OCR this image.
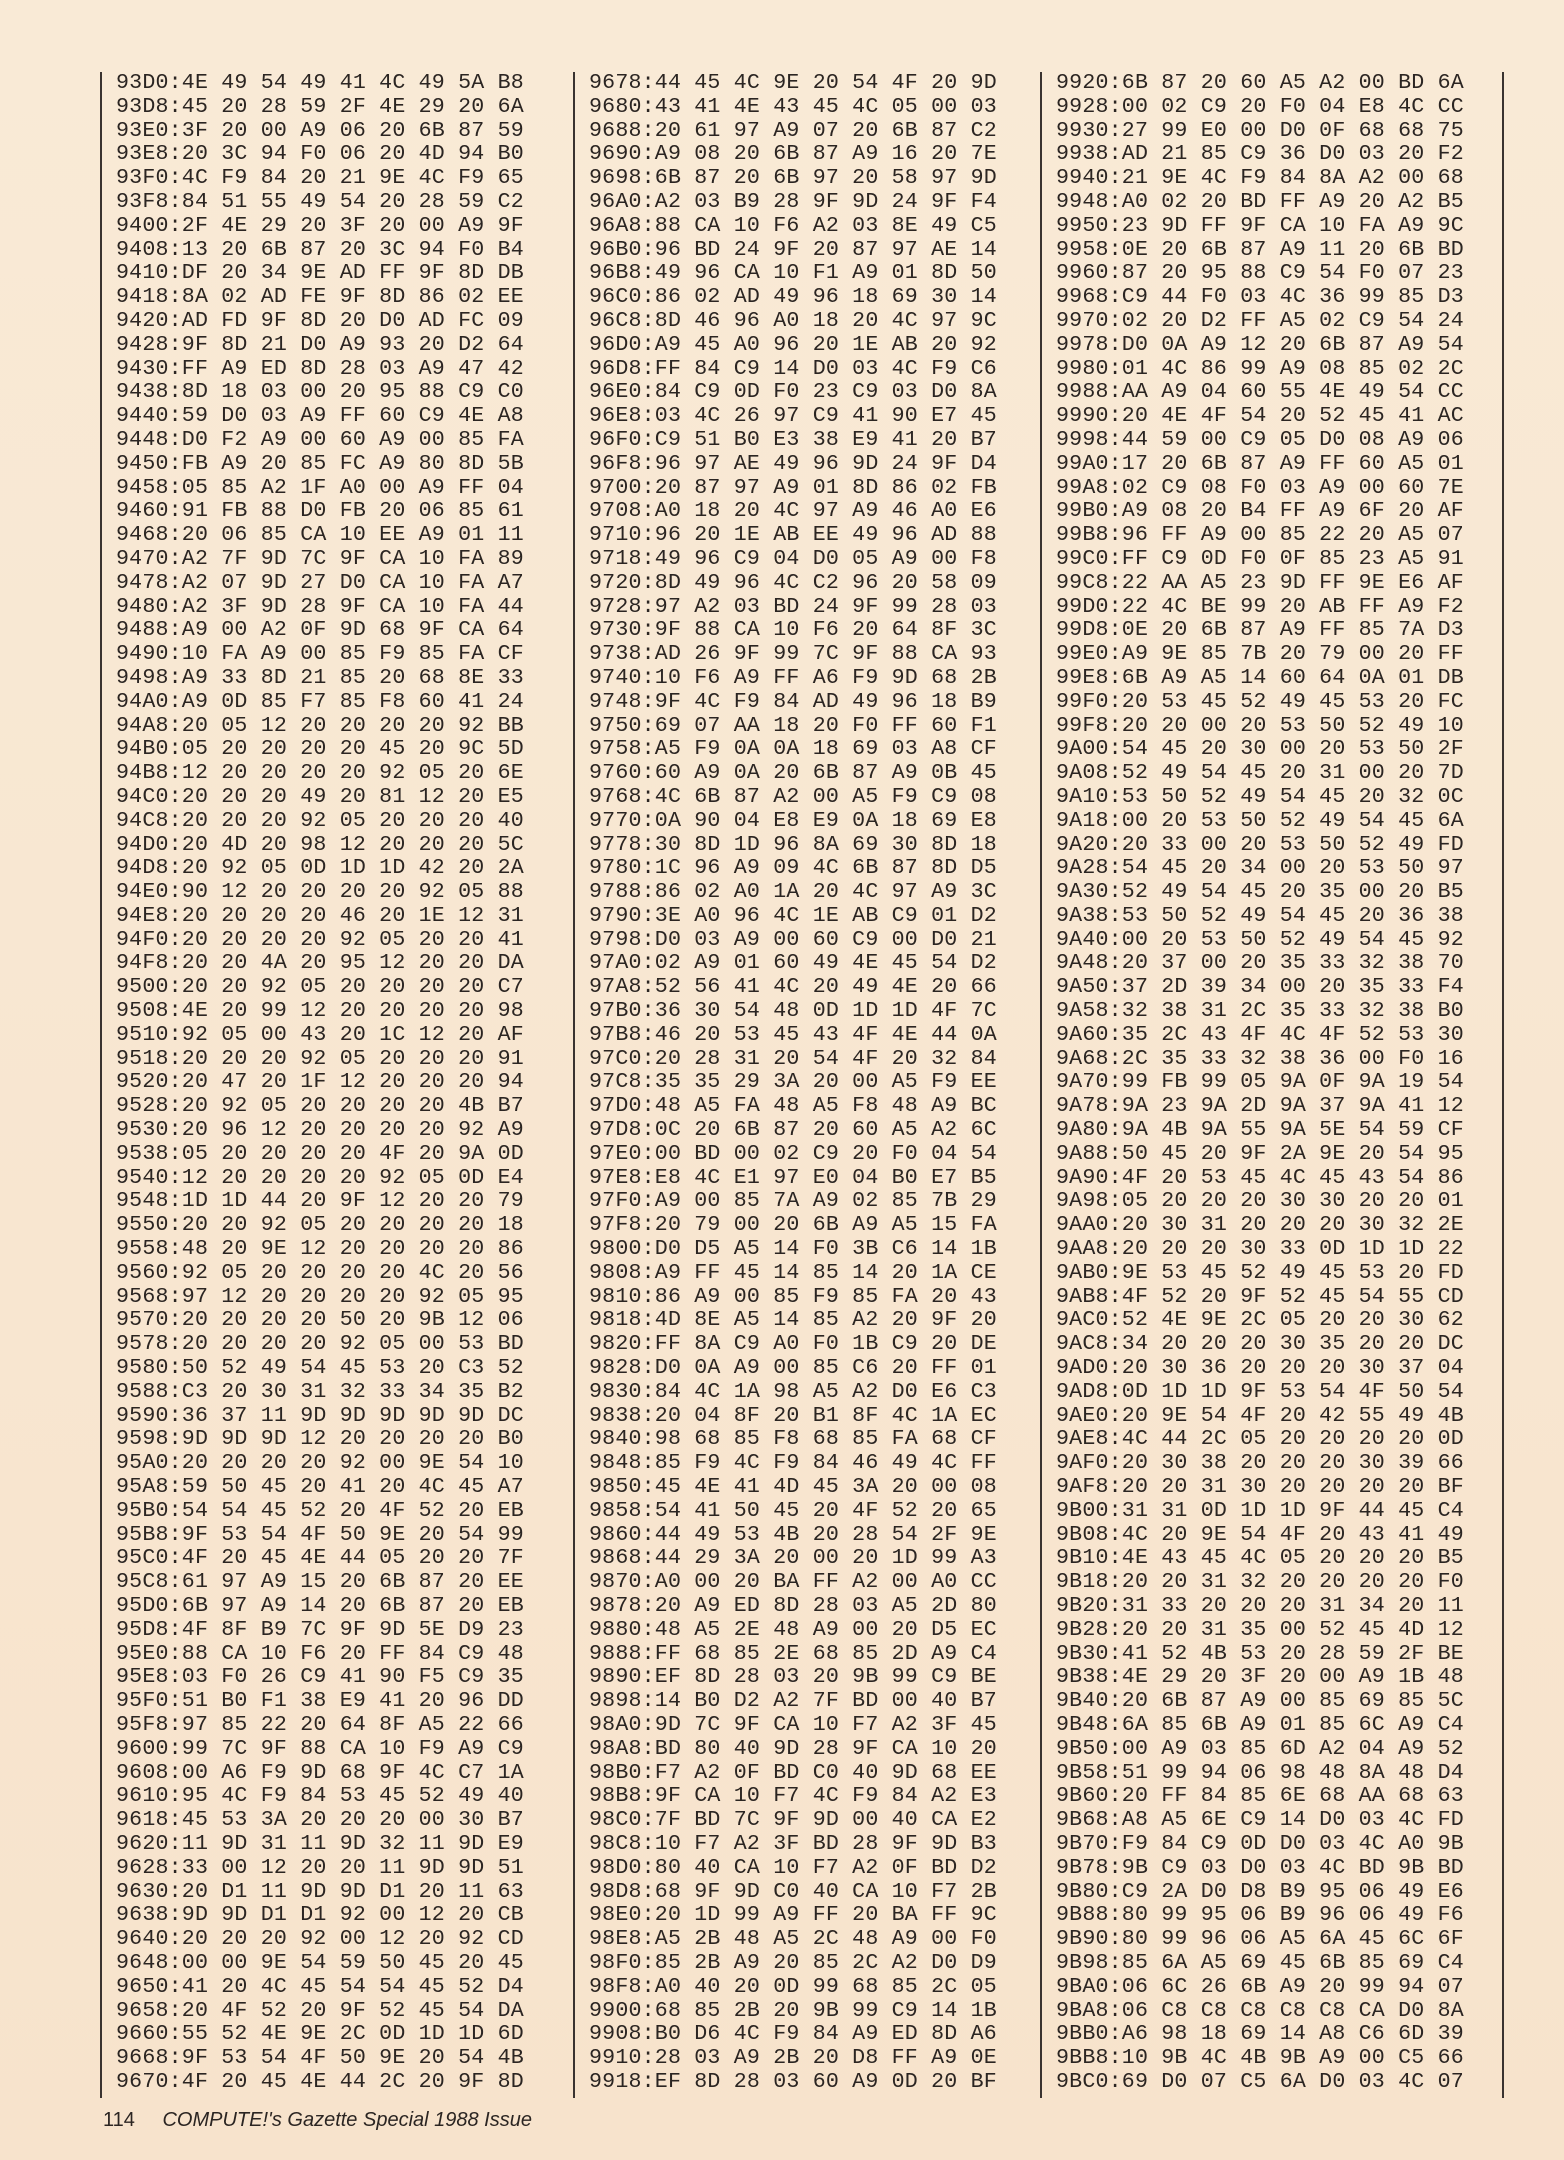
93D0:4E 49 54 49 41 4C 49 5A B8
93D8:45 20 28 59 2F 4E 29 20 6A
93E0:3F 20 00 A9 06 20 6B 87 59
93E8:20 3C 94 F0 06 20 4D 94 B0
93F0:4C F9 84 20 21 9E 4C F9 65
93F8:84 51 55 49 54 20 28 59 C2
9400:2F 4E 29 20 3F 20 00 A9 9F
9408:13 20 6B 87 20 3C 94 F0 B4
9410:DF 20 34 9E AD FF 9F 8D DB
9418:8A 02 AD FE 9F 8D 86 02 EE
9420:AD FD 9F 8D 20 D0 AD FC 09
9428:9F 8D 21 D0 A9 93 20 D2 64
9430:FF A9 ED 8D 28 03 A9 47 42
9438:8D 18 03 00 20 95 88 C9 C0
9440:59 D0 03 A9 FF 60 C9 4E A8
9448:D0 F2 A9 00 60 A9 00 85 FA
9450:FB A9 20 85 FC A9 80 8D 5B
9458:05 85 A2 1F A0 00 A9 FF 04
9460:91 FB 88 D0 FB 20 06 85 61
9468:20 06 85 CA 10 EE A9 01 11
9470:A2 7F 9D 7C 9F CA 10 FA 89
9478:A2 07 9D 27 D0 CA 10 FA A7
9480:A2 3F 9D 28 9F CA 10 FA 44
9488:A9 00 A2 0F 9D 68 9F CA 64
9490:10 FA A9 00 85 F9 85 FA CF
9498:A9 33 8D 21 85 20 68 8E 33
94A0:A9 0D 85 F7 85 F8 60 41 24
94A8:20 05 12 20 20 20 20 92 BB
94B0:05 20 20 20 20 45 20 9C 5D
94B8:12 20 20 20 20 92 05 20 6E
94C0:20 20 20 49 20 81 12 20 E5
94C8:20 20 20 92 05 20 20 20 40
94D0:20 4D 20 98 12 20 20 20 5C
94D8:20 92 05 0D 1D 1D 42 20 2A
94E0:90 12 20 20 20 20 92 05 88
94E8:20 20 20 20 46 20 1E 12 31
94F0:20 20 20 20 92 05 20 20 41
94F8:20 20 4A 20 95 12 20 20 DA
9500:20 20 92 05 20 20 20 20 C7
9508:4E 20 99 12 20 20 20 20 98
9510:92 05 00 43 20 1C 12 20 AF
9518:20 20 20 92 05 20 20 20 91
9520:20 47 20 1F 12 20 20 20 94
9528:20 92 05 20 20 20 20 4B B7
9530:20 96 12 20 20 20 20 92 A9
9538:05 20 20 20 20 4F 20 9A 0D
9540:12 20 20 20 20 92 05 0D E4
9548:1D 1D 44 20 9F 12 20 20 79
9550:20 20 92 05 20 20 20 20 18
9558:48 20 9E 12 20 20 20 20 86
9560:92 05 20 20 20 20 4C 20 56
9568:97 12 20 20 20 20 92 05 95
9570:20 20 20 20 50 20 9B 12 06
9578:20 20 20 20 92 05 00 53 BD
9580:50 52 49 54 45 53 20 C3 52
9588:C3 20 30 31 32 33 34 35 B2
9590:36 37 11 9D 9D 9D 9D 9D DC
9598:9D 9D 9D 12 20 20 20 20 B0
95A0:20 20 20 20 92 00 9E 54 10
95A8:59 50 45 20 41 20 4C 45 A7
95B0:54 54 45 52 20 4F 52 20 EB
95B8:9F 53 54 4F 50 9E 20 54 99
95C0:4F 20 45 4E 44 05 20 20 7F
95C8:61 97 A9 15 20 6B 87 20 EE
95D0:6B 97 A9 14 20 6B 87 20 EB
95D8:4F 8F B9 7C 9F 9D 5E D9 23
95E0:88 CA 10 F6 20 FF 84 C9 48
95E8:03 F0 26 C9 41 90 F5 C9 35
95F0:51 B0 F1 38 E9 41 20 96 DD
95F8:97 85 22 20 64 8F A5 22 66
9600:99 7C 9F 88 CA 10 F9 A9 C9
9608:00 A6 F9 9D 68 9F 4C C7 1A
9610:95 4C F9 84 53 45 52 49 40
9618:45 53 3A 20 20 20 00 30 B7
9620:11 9D 31 11 9D 32 11 9D E9
9628:33 00 12 20 20 11 9D 9D 51
9630:20 D1 11 9D 9D D1 20 11 63
9638:9D 9D D1 D1 92 00 12 20 CB
9640:20 20 20 92 00 12 20 92 CD
9648:00 00 9E 54 59 50 45 20 45
9650:41 20 4C 45 54 54 45 52 D4
9658:20 4F 52 20 9F 52 45 54 DA
9660:55 52 4E 9E 2C 0D 1D 1D 6D
9668:9F 53 54 4F 50 9E 20 54 4B
9670:4F 20 45 4E 44 2C 20 9F 8D
9678:44 45 4C 9E 20 54 4F 20 9D
9680:43 41 4E 43 45 4C 05 00 03
9688:20 61 97 A9 07 20 6B 87 C2
9690:A9 08 20 6B 87 A9 16 20 7E
9698:6B 87 20 6B 97 20 58 97 9D
96A0:A2 03 B9 28 9F 9D 24 9F F4
96A8:88 CA 10 F6 A2 03 8E 49 C5
96B0:96 BD 24 9F 20 87 97 AE 14
96B8:49 96 CA 10 F1 A9 01 8D 50
96C0:86 02 AD 49 96 18 69 30 14
96C8:8D 46 96 A0 18 20 4C 97 9C
96D0:A9 45 A0 96 20 1E AB 20 92
96D8:FF 84 C9 14 D0 03 4C F9 C6
96E0:84 C9 0D F0 23 C9 03 D0 8A
96E8:03 4C 26 97 C9 41 90 E7 45
96F0:C9 51 B0 E3 38 E9 41 20 B7
96F8:96 97 AE 49 96 9D 24 9F D4
9700:20 87 97 A9 01 8D 86 02 FB
9708:A0 18 20 4C 97 A9 46 A0 E6
9710:96 20 1E AB EE 49 96 AD 88
9718:49 96 C9 04 D0 05 A9 00 F8
9720:8D 49 96 4C C2 96 20 58 09
9728:97 A2 03 BD 24 9F 99 28 03
9730:9F 88 CA 10 F6 20 64 8F 3C
9738:AD 26 9F 99 7C 9F 88 CA 93
9740:10 F6 A9 FF A6 F9 9D 68 2B
9748:9F 4C F9 84 AD 49 96 18 B9
9750:69 07 AA 18 20 F0 FF 60 F1
9758:A5 F9 0A 0A 18 69 03 A8 CF
9760:60 A9 0A 20 6B 87 A9 0B 45
9768:4C 6B 87 A2 00 A5 F9 C9 08
9770:0A 90 04 E8 E9 0A 18 69 E8
9778:30 8D 1D 96 8A 69 30 8D 18
9780:1C 96 A9 09 4C 6B 87 8D D5
9788:86 02 A0 1A 20 4C 97 A9 3C
9790:3E A0 96 4C 1E AB C9 01 D2
9798:D0 03 A9 00 60 C9 00 D0 21
97A0:02 A9 01 60 49 4E 45 54 D2
97A8:52 56 41 4C 20 49 4E 20 66
97B0:36 30 54 48 0D 1D 1D 4F 7C
97B8:46 20 53 45 43 4F 4E 44 0A
97C0:20 28 31 20 54 4F 20 32 84
97C8:35 35 29 3A 20 00 A5 F9 EE
97D0:48 A5 FA 48 A5 F8 48 A9 BC
97D8:0C 20 6B 87 20 60 A5 A2 6C
97E0:00 BD 00 02 C9 20 F0 04 54
97E8:E8 4C E1 97 E0 04 B0 E7 B5
97F0:A9 00 85 7A A9 02 85 7B 29
97F8:20 79 00 20 6B A9 A5 15 FA
9800:D0 D5 A5 14 F0 3B C6 14 1B
9808:A9 FF 45 14 85 14 20 1A CE
9810:86 A9 00 85 F9 85 FA 20 43
9818:4D 8E A5 14 85 A2 20 9F 20
9820:FF 8A C9 A0 F0 1B C9 20 DE
9828:D0 0A A9 00 85 C6 20 FF 01
9830:84 4C 1A 98 A5 A2 D0 E6 C3
9838:20 04 8F 20 B1 8F 4C 1A EC
9840:98 68 85 F8 68 85 FA 68 CF
9848:85 F9 4C F9 84 46 49 4C FF
9850:45 4E 41 4D 45 3A 20 00 08
9858:54 41 50 45 20 4F 52 20 65
9860:44 49 53 4B 20 28 54 2F 9E
9868:44 29 3A 20 00 20 1D 99 A3
9870:A0 00 20 BA FF A2 00 A0 CC
9878:20 A9 ED 8D 28 03 A5 2D 80
9880:48 A5 2E 48 A9 00 20 D5 EC
9888:FF 68 85 2E 68 85 2D A9 C4
9890:EF 8D 28 03 20 9B 99 C9 BE
9898:14 B0 D2 A2 7F BD 00 40 B7
98A0:9D 7C 9F CA 10 F7 A2 3F 45
98A8:BD 80 40 9D 28 9F CA 10 20
98B0:F7 A2 0F BD C0 40 9D 68 EE
98B8:9F CA 10 F7 4C F9 84 A2 E3
98C0:7F BD 7C 9F 9D 00 40 CA E2
98C8:10 F7 A2 3F BD 28 9F 9D B3
98D0:80 40 CA 10 F7 A2 0F BD D2
98D8:68 9F 9D C0 40 CA 10 F7 2B
98E0:20 1D 99 A9 FF 20 BA FF 9C
98E8:A5 2B 48 A5 2C 48 A9 00 F0
98F0:85 2B A9 20 85 2C A2 D0 D9
98F8:A0 40 20 0D 99 68 85 2C 05
9900:68 85 2B 20 9B 99 C9 14 1B
9908:B0 D6 4C F9 84 A9 ED 8D A6
9910:28 03 A9 2B 20 D8 FF A9 0E
9918:EF 8D 28 03 60 A9 0D 20 BF
9920:6B 87 20 60 A5 A2 00 BD 6A
9928:00 02 C9 20 F0 04 E8 4C CC
9930:27 99 E0 00 D0 0F 68 68 75
9938:AD 21 85 C9 36 D0 03 20 F2
9940:21 9E 4C F9 84 8A A2 00 68
9948:A0 02 20 BD FF A9 20 A2 B5
9950:23 9D FF 9F CA 10 FA A9 9C
9958:0E 20 6B 87 A9 11 20 6B BD
9960:87 20 95 88 C9 54 F0 07 23
9968:C9 44 F0 03 4C 36 99 85 D3
9970:02 20 D2 FF A5 02 C9 54 24
9978:D0 0A A9 12 20 6B 87 A9 54
9980:01 4C 86 99 A9 08 85 02 2C
9988:AA A9 04 60 55 4E 49 54 CC
9990:20 4E 4F 54 20 52 45 41 AC
9998:44 59 00 C9 05 D0 08 A9 06
99A0:17 20 6B 87 A9 FF 60 A5 01
99A8:02 C9 08 F0 03 A9 00 60 7E
99B0:A9 08 20 B4 FF A9 6F 20 AF
99B8:96 FF A9 00 85 22 20 A5 07
99C0:FF C9 0D F0 0F 85 23 A5 91
99C8:22 AA A5 23 9D FF 9E E6 AF
99D0:22 4C BE 99 20 AB FF A9 F2
99D8:0E 20 6B 87 A9 FF 85 7A D3
99E0:A9 9E 85 7B 20 79 00 20 FF
99E8:6B A9 A5 14 60 64 0A 01 DB
99F0:20 53 45 52 49 45 53 20 FC
99F8:20 20 00 20 53 50 52 49 10
9A00:54 45 20 30 00 20 53 50 2F
9A08:52 49 54 45 20 31 00 20 7D
9A10:53 50 52 49 54 45 20 32 0C
9A18:00 20 53 50 52 49 54 45 6A
9A20:20 33 00 20 53 50 52 49 FD
9A28:54 45 20 34 00 20 53 50 97
9A30:52 49 54 45 20 35 00 20 B5
9A38:53 50 52 49 54 45 20 36 38
9A40:00 20 53 50 52 49 54 45 92
9A48:20 37 00 20 35 33 32 38 70
9A50:37 2D 39 34 00 20 35 33 F4
9A58:32 38 31 2C 35 33 32 38 B0
9A60:35 2C 43 4F 4C 4F 52 53 30
9A68:2C 35 33 32 38 36 00 F0 16
9A70:99 FB 99 05 9A 0F 9A 19 54
9A78:9A 23 9A 2D 9A 37 9A 41 12
9A80:9A 4B 9A 55 9A 5E 54 59 CF
9A88:50 45 20 9F 2A 9E 20 54 95
9A90:4F 20 53 45 4C 45 43 54 86
9A98:05 20 20 20 30 30 20 20 01
9AA0:20 30 31 20 20 20 30 32 2E
9AA8:20 20 20 30 33 0D 1D 1D 22
9AB0:9E 53 45 52 49 45 53 20 FD
9AB8:4F 52 20 9F 52 45 54 55 CD
9AC0:52 4E 9E 2C 05 20 20 30 62
9AC8:34 20 20 20 30 35 20 20 DC
9AD0:20 30 36 20 20 20 30 37 04
9AD8:0D 1D 1D 9F 53 54 4F 50 54
9AE0:20 9E 54 4F 20 42 55 49 4B
9AE8:4C 44 2C 05 20 20 20 20 0D
9AF0:20 30 38 20 20 20 30 39 66
9AF8:20 20 31 30 20 20 20 20 BF
9B00:31 31 0D 1D 1D 9F 44 45 C4
9B08:4C 20 9E 54 4F 20 43 41 49
9B10:4E 43 45 4C 05 20 20 20 B5
9B18:20 20 31 32 20 20 20 20 F0
9B20:31 33 20 20 20 31 34 20 11
9B28:20 20 31 35 00 52 45 4D 12
9B30:41 52 4B 53 20 28 59 2F BE
9B38:4E 29 20 3F 20 00 A9 1B 48
9B40:20 6B 87 A9 00 85 69 85 5C
9B48:6A 85 6B A9 01 85 6C A9 C4
9B50:00 A9 03 85 6D A2 04 A9 52
9B58:51 99 94 06 98 48 8A 48 D4
9B60:20 FF 84 85 6E 68 AA 68 63
9B68:A8 A5 6E C9 14 D0 03 4C FD
9B70:F9 84 C9 0D D0 03 4C A0 9B
9B78:9B C9 03 D0 03 4C BD 9B BD
9B80:C9 2A D0 D8 B9 95 06 49 E6
9B88:80 99 95 06 B9 96 06 49 F6
9B90:80 99 96 06 A5 6A 45 6C 6F
9B98:85 6A A5 69 45 6B 85 69 C4
9BA0:06 6C 26 6B A9 20 99 94 07
9BA8:06 C8 C8 C8 C8 C8 CA D0 8A
9BB0:A6 98 18 69 14 A8 C6 6D 39
9BB8:10 9B 4C 4B 9B A9 00 C5 66
9BC0:69 D0 07 C5 6A D0 03 4C 07
114 COMPUTE!'s Gazette Special 1988 Issue
